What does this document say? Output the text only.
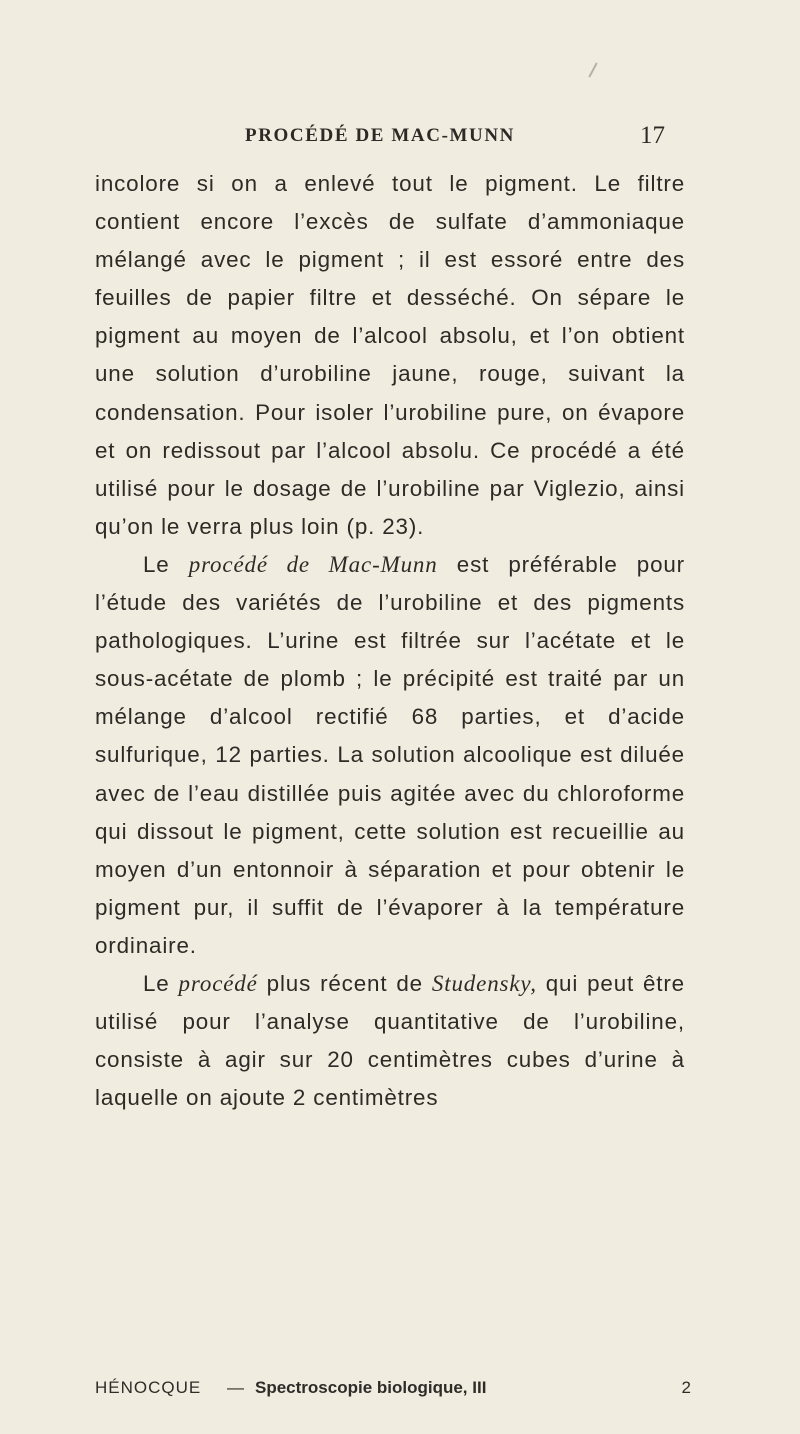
PROCÉDÉ DE MAC-MUNN	17

incolore si on a enlevé tout le pigment. Le filtre contient encore l’excès de sulfate d’ammoniaque mélangé avec le pigment ; il est essoré entre des feuilles de papier filtre et desséché. On sépare le pigment au moyen de l’alcool absolu, et l’on obtient une solution d’urobiline jaune, rouge, suivant la condensation. Pour isoler l’urobiline pure, on évapore et on redissout par l’alcool absolu. Ce procédé a été utilisé pour le dosage de l’urobiline par Viglezio, ainsi qu’on le verra plus loin (p. 23).

Le procédé de Mac-Munn est préférable pour l’étude des variétés de l’urobiline et des pigments pathologiques. L’urine est filtrée sur l’acétate et le sous-acétate de plomb ; le précipité est traité par un mélange d’alcool rectifié 68 parties, et d’acide sulfurique, 12 parties. La solution alcoolique est diluée avec de l’eau distillée puis agitée avec du chloroforme qui dissout le pigment, cette solution est recueillie au moyen d’un entonnoir à séparation et pour obtenir le pigment pur, il suffit de l’évaporer à la température ordinaire.

Le procédé plus récent de Studensky, qui peut être utilisé pour l’analyse quantitative de l’urobiline, consiste à agir sur 20 centimètres cubes d’urine à laquelle on ajoute 2 centimètres

HÉNOCQUE — Spectroscopie biologique, III	2
